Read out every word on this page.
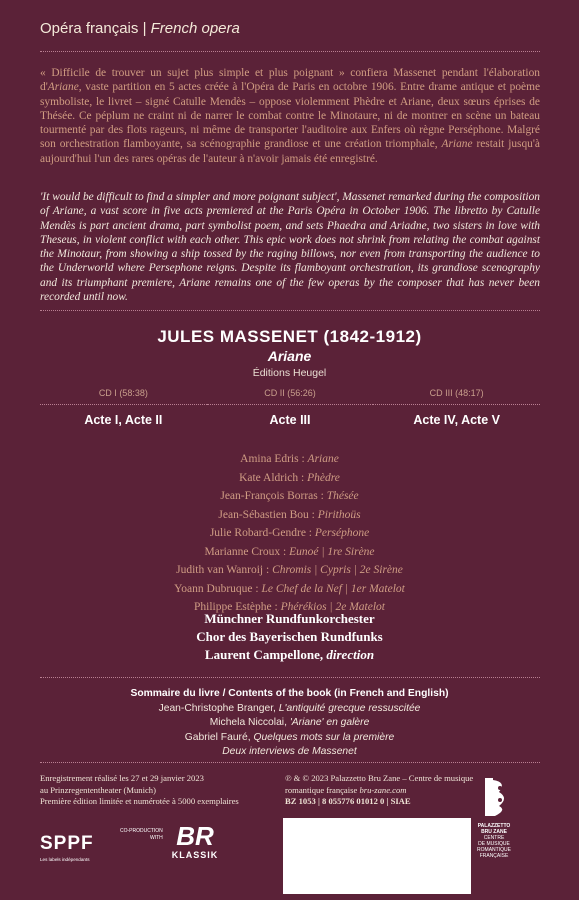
Opéra français | French opera
« Difficile de trouver un sujet plus simple et plus poignant » confiera Massenet pendant l'élaboration d'Ariane, vaste partition en 5 actes créée à l'Opéra de Paris en octobre 1906. Entre drame antique et poème symboliste, le livret – signé Catulle Mendès – oppose violemment Phèdre et Ariane, deux sœurs éprises de Thésée. Ce péplum ne craint ni de narrer le combat contre le Minotaure, ni de montrer en scène un bateau tourmenté par des flots rageurs, ni même de transporter l'auditoire aux Enfers où règne Perséphone. Malgré son orchestration flamboyante, sa scénographie grandiose et une création triomphale, Ariane restait jusqu'à aujourd'hui l'un des rares opéras de l'auteur à n'avoir jamais été enregistré.
'It would be difficult to find a simpler and more poignant subject', Massenet remarked during the composition of Ariane, a vast score in five acts premiered at the Paris Opéra in October 1906. The libretto by Catulle Mendès is part ancient drama, part symbolist poem, and sets Phaedra and Ariadne, two sisters in love with Theseus, in violent conflict with each other. This epic work does not shrink from relating the combat against the Minotaur, from showing a ship tossed by the raging billows, nor even from transporting the audience to the Underworld where Persephone reigns. Despite its flamboyant orchestration, its grandiose scenography and its triumphant premiere, Ariane remains one of the few operas by the composer that has never been recorded until now.
JULES MASSENET (1842-1912)
Ariane
Éditions Heugel
CD I (58:38)
Acte I, Acte II
CD II (56:26)
Acte III
CD III (48:17)
Acte IV, Acte V
Amina Edris : Ariane
Kate Aldrich : Phèdre
Jean-François Borras : Thésée
Jean-Sébastien Bou : Pirithoüs
Julie Robard-Gendre : Perséphone
Marianne Croux : Eunoé | 1re Sirène
Judith van Wanroij : Chromis | Cypris | 2e Sirène
Yoann Dubruque : Le Chef de la Nef | 1er Matelot
Philippe Estèphe : Phérékios | 2e Matelot
Münchner Rundfunkorchester
Chor des Bayerischen Rundfunks
Laurent Campellone, direction
Sommaire du livre / Contents of the book (in French and English)
Jean-Christophe Branger, L'antiquité grecque ressuscitée
Michela Niccolai, 'Ariane' en galère
Gabriel Fauré, Quelques mots sur la première
Deux interviews de Massenet
Enregistrement réalisé les 27 et 29 janvier 2023
au Prinzregententheater (Munich)
Première édition limitée et numérotée à 5000 exemplaires
℗ & © 2023 Palazzetto Bru Zane – Centre de musique
romantique française bru-zane.com
BZ 1053 | 8 055776 01012 0 | SIAE
PALAZZETTO
BRU ZANE
CENTRE
DE MUSIQUE
ROMANTIQUE
FRANÇAISE
SPPF
Les labels indépendants
CO-PRODUCTION
WITH BR
KLASSIK
